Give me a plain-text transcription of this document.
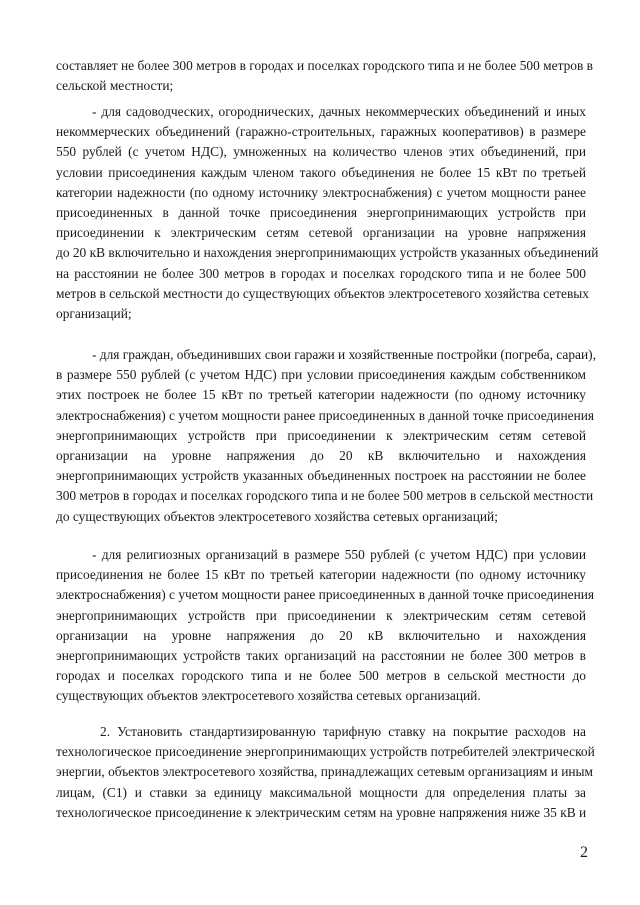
составляет не более 300 метров в городах и поселках городского типа и не более 500 метров в
сельской местности;
- для садоводческих, огороднических, дачных некоммерческих объединений и иных
некоммерческих объединений (гаражно-строительных, гаражных кооперативов) в размере
550 рублей (с учетом НДС), умноженных на количество членов этих объединений, при
условии присоединения каждым членом такого объединения не более 15 кВт по третьей
категории надежности (по одному источнику электроснабжения) с учетом мощности ранее
присоединенных в данной точке присоединения энергопринимающих устройств при
присоединении к электрическим сетям сетевой организации на уровне напряжения
до 20 кВ включительно и нахождения энергопринимающих устройств указанных объединений
на расстоянии не более 300 метров в городах и поселках городского типа и не более 500
метров в сельской местности до существующих объектов электросетевого хозяйства сетевых
организаций;
- для граждан, объединивших свои гаражи и хозяйственные постройки (погреба, сараи),
в размере 550 рублей (с учетом НДС) при условии присоединения каждым собственником
этих построек не более 15 кВт по третьей категории надежности (по одному источнику
электроснабжения) с учетом мощности ранее присоединенных в данной точке присоединения
энергопринимающих устройств при присоединении к электрическим сетям сетевой
организации на уровне напряжения до 20 кВ включительно и нахождения
энергопринимающих устройств указанных объединенных построек на расстоянии не более
300 метров в городах и поселках городского типа и не более 500 метров в сельской местности
до существующих объектов электросетевого хозяйства сетевых организаций;
- для религиозных организаций в размере 550 рублей (с учетом НДС) при условии
присоединения не более 15 кВт по третьей категории надежности (по одному источнику
электроснабжения) с учетом мощности ранее присоединенных в данной точке присоединения
энергопринимающих устройств при присоединении к электрическим сетям сетевой
организации на уровне напряжения до 20 кВ включительно и нахождения
энергопринимающих устройств таких организаций на расстоянии не более 300 метров в
городах и поселках городского типа и не более 500 метров в сельской местности до
существующих объектов электросетевого хозяйства сетевых организаций.
2. Установить стандартизированную тарифную ставку на покрытие расходов на
технологическое присоединение энергопринимающих устройств потребителей электрической
энергии, объектов электросетевого хозяйства, принадлежащих сетевым организациям и иным
лицам, (С1) и ставки за единицу максимальной мощности для определения платы за
технологическое присоединение к электрическим сетям на уровне напряжения ниже 35 кВ и
2
